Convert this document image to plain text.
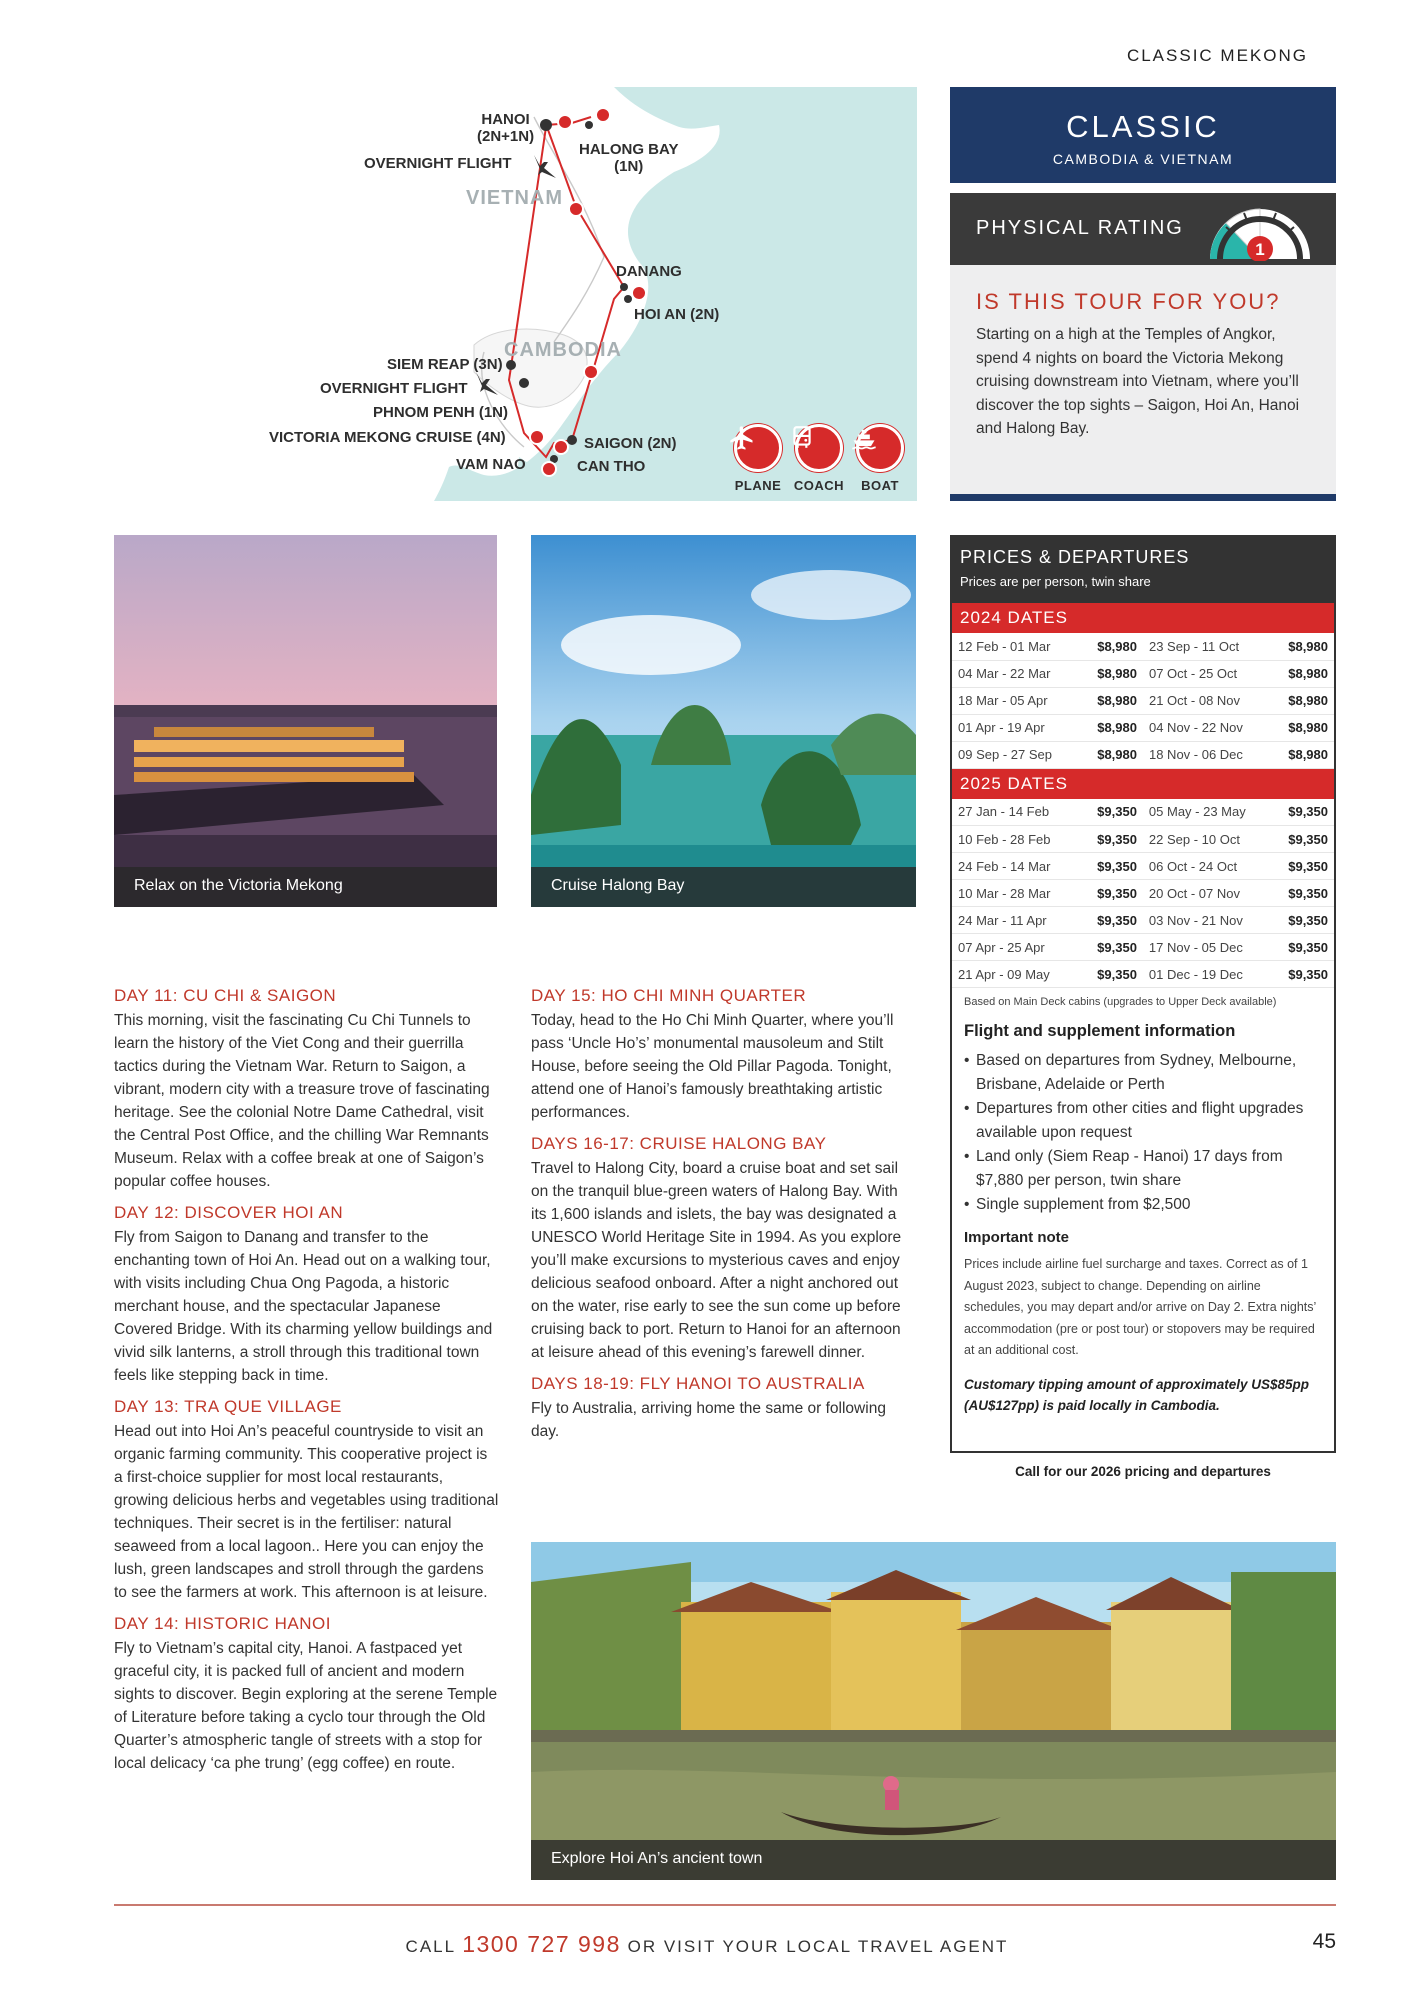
CLASSIC MEKONG
HANOI
(2N+1N)
OVERNIGHT FLIGHT
HALONG BAY
(1N)
VIETNAM
DANANG
HOI AN (2N)
CAMBODIA
SIEM REAP (3N)
OVERNIGHT FLIGHT
PHNOM PENH (1N)
VICTORIA MEKONG CRUISE (4N)	SAIGON (2N)
VAM NAO	CAN THO
PLANE COACH	BOAT
CLASSIC
CAMBODIA & VIETNAM
PHYSICAL RATING
1
IS THIS TOUR FOR YOU?
Starting on a high at the Temples of Angkor, spend 4 nights on board the Victoria Mekong cruising downstream into Vietnam, where you’ll discover the top sights – Saigon, Hoi An, Hanoi and Halong Bay.
Relax on the Victoria Mekong	Cruise Halong Bay
PRICES & DEPARTURES
Prices are per person, twin share
2024 DATES
12 Feb - 01 Mar	$8,980	23 Sep - 11 Oct	$8,980
04 Mar - 22 Mar	$8,980	07 Oct - 25 Oct	$8,980
18 Mar - 05 Apr	$8,980	21 Oct - 08 Nov	$8,980
01 Apr - 19 Apr	$8,980	04 Nov - 22 Nov	$8,980
09 Sep - 27 Sep	$8,980	18 Nov - 06 Dec	$8,980
2025 DATES
27 Jan - 14 Feb	$9,350	05 May - 23 May	$9,350
10 Feb - 28 Feb	$9,350	22 Sep - 10 Oct	$9,350
24 Feb - 14 Mar	$9,350	06 Oct - 24 Oct	$9,350
10 Mar - 28 Mar	$9,350	20 Oct - 07 Nov	$9,350
24 Mar - 11 Apr	$9,350	03 Nov - 21 Nov	$9,350
07 Apr - 25 Apr	$9,350	17 Nov - 05 Dec	$9,350
21 Apr - 09 May	$9,350	01 Dec - 19 Dec	$9,350
Based on Main Deck cabins (upgrades to Upper Deck available)
Flight and supplement information
• Based on departures from Sydney, Melbourne, Brisbane, Adelaide or Perth
• Departures from other cities and flight upgrades available upon request
• Land only (Siem Reap - Hanoi) 17 days from $7,880 per person, twin share
• Single supplement from $2,500
Important note
Prices include airline fuel surcharge and taxes. Correct as of 1 August 2023, subject to change. Depending on airline schedules, you may depart and/or arrive on Day 2. Extra nights’ accommodation (pre or post tour) or stopovers may be required at an additional cost.
Customary tipping amount of approximately US$85pp (AU$127pp) is paid locally in Cambodia.
Call for our 2026 pricing and departures
DAY 11: CU CHI & SAIGON
This morning, visit the fascinating Cu Chi Tunnels to learn the history of the Viet Cong and their guerrilla tactics during the Vietnam War. Return to Saigon, a vibrant, modern city with a treasure trove of fascinating heritage. See the colonial Notre Dame Cathedral, visit the Central Post Office, and the chilling War Remnants Museum. Relax with a coffee break at one of Saigon’s popular coffee houses.
DAY 12: DISCOVER HOI AN
Fly from Saigon to Danang and transfer to the enchanting town of Hoi An. Head out on a walking tour, with visits including Chua Ong Pagoda, a historic merchant house, and the spectacular Japanese Covered Bridge. With its charming yellow buildings and vivid silk lanterns, a stroll through this traditional town feels like stepping back in time.
DAY 13: TRA QUE VILLAGE
Head out into Hoi An’s peaceful countryside to visit an organic farming community. This cooperative project is a first-choice supplier for most local restaurants, growing delicious herbs and vegetables using traditional techniques. Their secret is in the fertiliser: natural seaweed from a local lagoon.. Here you can enjoy the lush, green landscapes and stroll through the gardens to see the farmers at work. This afternoon is at leisure.
DAY 14: HISTORIC HANOI
Fly to Vietnam’s capital city, Hanoi. A fastpaced yet graceful city, it is packed full of ancient and modern sights to discover. Begin exploring at the serene Temple of Literature before taking a cyclo tour through the Old Quarter’s atmospheric tangle of streets with a stop for local delicacy ‘ca phe trung’ (egg coffee) en route.
DAY 15: HO CHI MINH QUARTER
Today, head to the Ho Chi Minh Quarter, where you’ll pass ‘Uncle Ho’s’ monumental mausoleum and Stilt House, before seeing the Old Pillar Pagoda. Tonight, attend one of Hanoi’s famously breathtaking artistic performances.
DAYS 16-17: CRUISE HALONG BAY
Travel to Halong City, board a cruise boat and set sail on the tranquil blue-green waters of Halong Bay. With its 1,600 islands and islets, the bay was designated a UNESCO World Heritage Site in 1994. As you explore you’ll make excursions to mysterious caves and enjoy delicious seafood onboard. After a night anchored out on the water, rise early to see the sun come up before cruising back to port. Return to Hanoi for an afternoon at leisure ahead of this evening’s farewell dinner.
DAYS 18-19: FLY HANOI TO AUSTRALIA
Fly to Australia, arriving home the same or following day.
Explore Hoi An’s ancient town
CALL 1300 727 998 OR VISIT YOUR LOCAL TRAVEL AGENT	45
